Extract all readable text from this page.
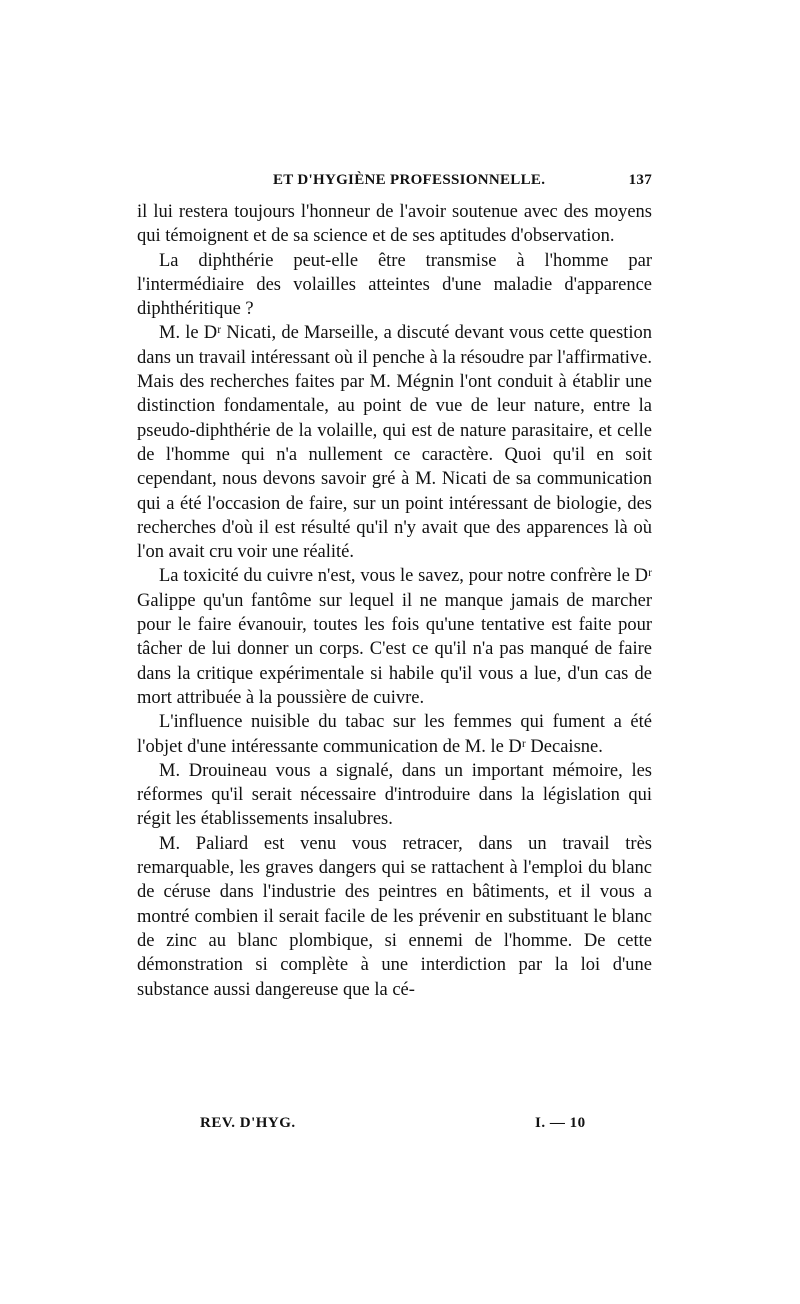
ET D'HYGIÈNE PROFESSIONNELLE.	137

il lui restera toujours l'honneur de l'avoir soutenue avec des moyens qui témoignent et de sa science et de ses aptitudes d'observation.

La diphthérie peut-elle être transmise à l'homme par l'intermédiaire des volailles atteintes d'une maladie d'apparence diphthéritique ?

M. le Dʳ Nicati, de Marseille, a discuté devant vous cette question dans un travail intéressant où il penche à la résoudre par l'affirmative. Mais des recherches faites par M. Mégnin l'ont conduit à établir une distinction fondamentale, au point de vue de leur nature, entre la pseudo-diphthérie de la volaille, qui est de nature parasitaire, et celle de l'homme qui n'a nullement ce caractère. Quoi qu'il en soit cependant, nous devons savoir gré à M. Nicati de sa communication qui a été l'occasion de faire, sur un point intéressant de biologie, des recherches d'où il est résulté qu'il n'y avait que des apparences là où l'on avait cru voir une réalité.

La toxicité du cuivre n'est, vous le savez, pour notre confrère le Dʳ Galippe qu'un fantôme sur lequel il ne manque jamais de marcher pour le faire évanouir, toutes les fois qu'une tentative est faite pour tâcher de lui donner un corps. C'est ce qu'il n'a pas manqué de faire dans la critique expérimentale si habile qu'il vous a lue, d'un cas de mort attribuée à la poussière de cuivre.

L'influence nuisible du tabac sur les femmes qui fument a été l'objet d'une intéressante communication de M. le Dʳ Decaisne.

M. Drouineau vous a signalé, dans un important mémoire, les réformes qu'il serait nécessaire d'introduire dans la législation qui régit les établissements insalubres.

M. Paliard est venu vous retracer, dans un travail très remarquable, les graves dangers qui se rattachent à l'emploi du blanc de céruse dans l'industrie des peintres en bâtiments, et il vous a montré combien il serait facile de les prévenir en substituant le blanc de zinc au blanc plombique, si ennemi de l'homme. De cette démonstration si complète à une interdiction par la loi d'une substance aussi dangereuse que la cé-

REV. D'HYG.	I. — 10
